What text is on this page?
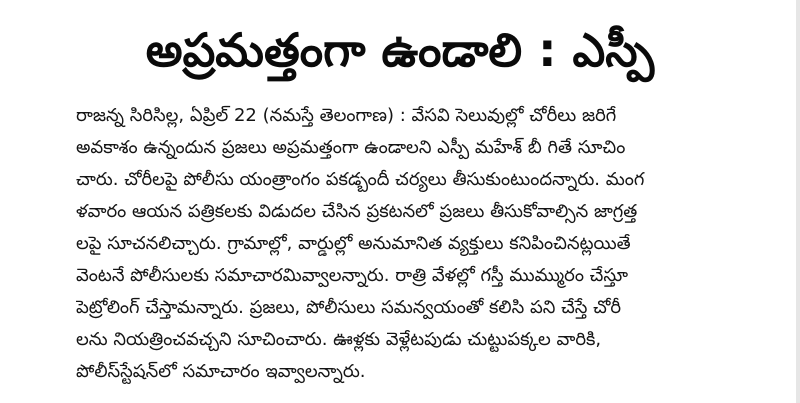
అప్రమత్తంగా ఉండాలి : ఎస్పీ
రాజన్న సిరిసిల్ల, ఏప్రిల్ 22 (నమస్తే తెలంగాణ) : వేసవి సెలువుల్లో చోరీలు జరిగే
అవకాశం ఉన్నందున ప్రజలు అప్రమత్తంగా ఉండాలని ఎస్పీ మహేశ్ బీ గితే సూచిం
చారు. చోరీలపై పోలీసు యంత్రాంగం పకడ్బందీ చర్యలు తీసుకుంటుందన్నారు. మంగ
ళవారం ఆయన పత్రికలకు విడుదల చేసిన ప్రకటనలో ప్రజలు తీసుకోవాల్సిన జాగ్రత్త
లపై సూచనలిచ్చారు. గ్రామాల్లో, వార్డుల్లో అనుమానిత వ్యక్తులు కనిపించినట్లయితే
వెంటనే పోలీసులకు సమాచారమివ్వాలన్నారు. రాత్రి వేళల్లో గస్తీ ముమ్మురం చేస్తూ
పెట్రోలింగ్ చేస్తామన్నారు. ప్రజలు, పోలీసులు సమన్వయంతో కలిసి పని చేస్తే చోరీ
లను నియత్రించవచ్చని సూచించారు. ఊళ్లకు వెళ్లేటపుడు చుట్టుపక్కల వారికి,
పోలీస్‌స్టేషన్‌లో సమాచారం ఇవ్వాలన్నారు.
